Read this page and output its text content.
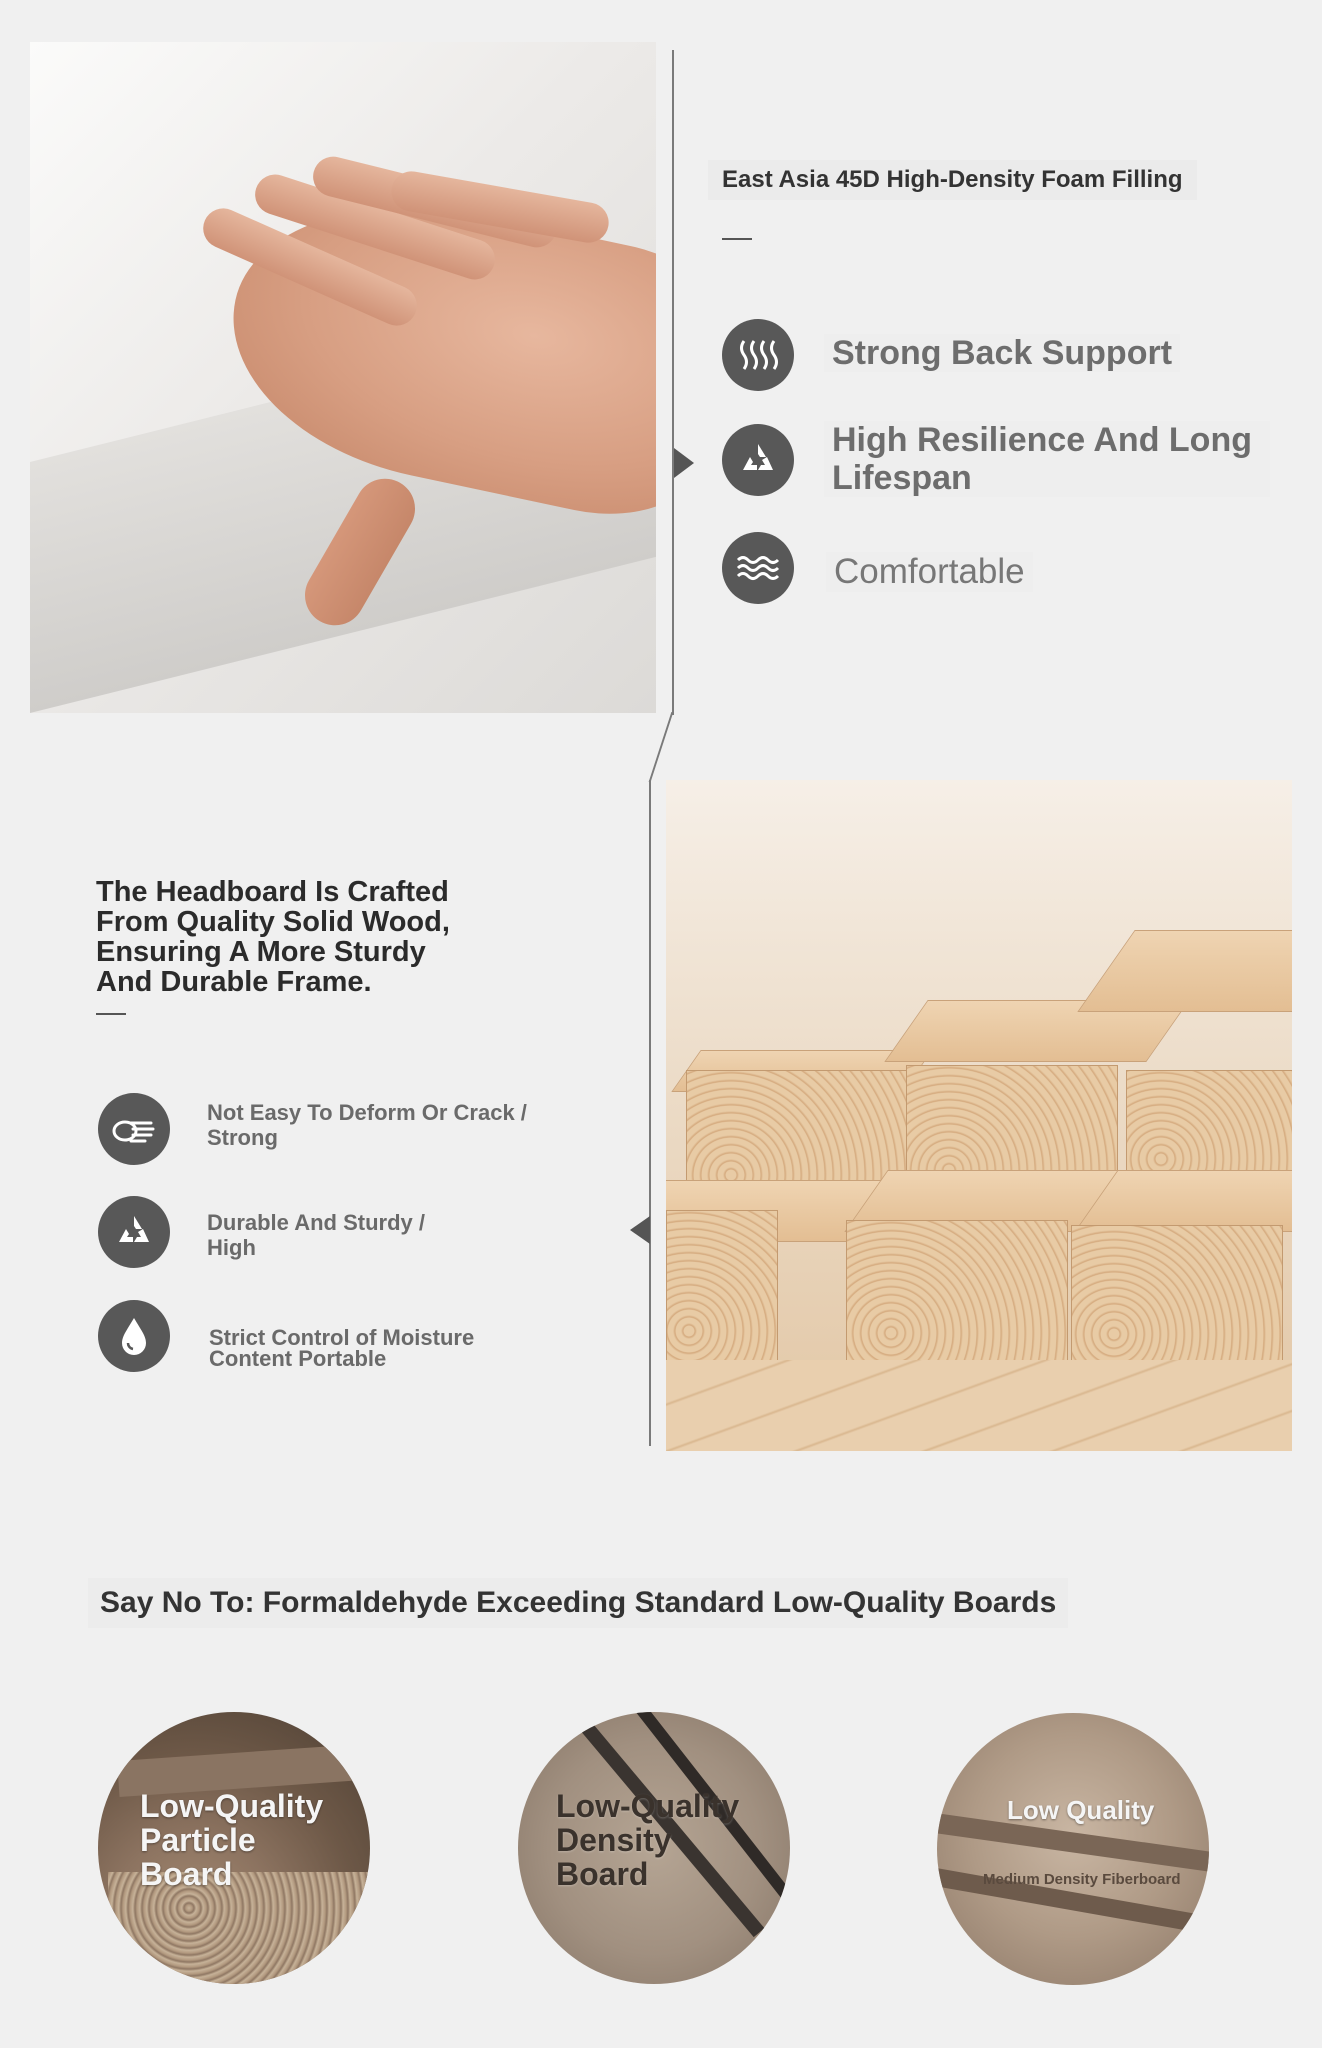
East Asia 45D High-Density Foam Filling
Strong Back Support
High Resilience And Long Lifespan
Comfortable
The Headboard Is Crafted From Quality Solid Wood, Ensuring A More Sturdy And Durable Frame.
Not Easy To Deform Or Crack / Strong
Durable And Sturdy / High
Strict Control of Moisture Content Portable
Say No To: Formaldehyde Exceeding Standard Low-Quality Boards
Low-Quality Particle Board
Low-Quality Density Board
Low Quality
Medium Density Fiberboard
